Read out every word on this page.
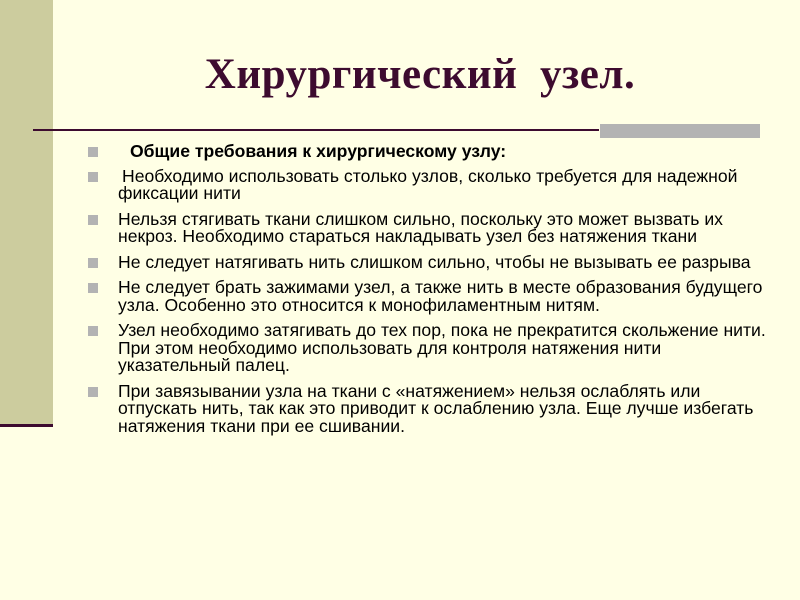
Хирургический  узел.
Общие требования к хирургическому узлу:
Необходимо использовать столько узлов, сколько требуется для надежной фиксации нити
Нельзя стягивать ткани слишком сильно, поскольку это может вызвать их некроз. Необходимо стараться накладывать узел без натяжения ткани
Не следует натягивать нить слишком сильно, чтобы не вызывать ее разрыва
Не следует брать зажимами узел, а также нить в месте образования будущего узла. Особенно это относится к монофиламентным нитям.
Узел необходимо затягивать до тех пор, пока не прекратится скольжение нити. При этом необходимо использовать для контроля натяжения нити указательный палец.
При завязывании узла на ткани с «натяжением» нельзя ослаблять или отпускать нить, так как это приводит к ослаблению узла. Еще лучше избегать натяжения ткани при ее сшивании.
